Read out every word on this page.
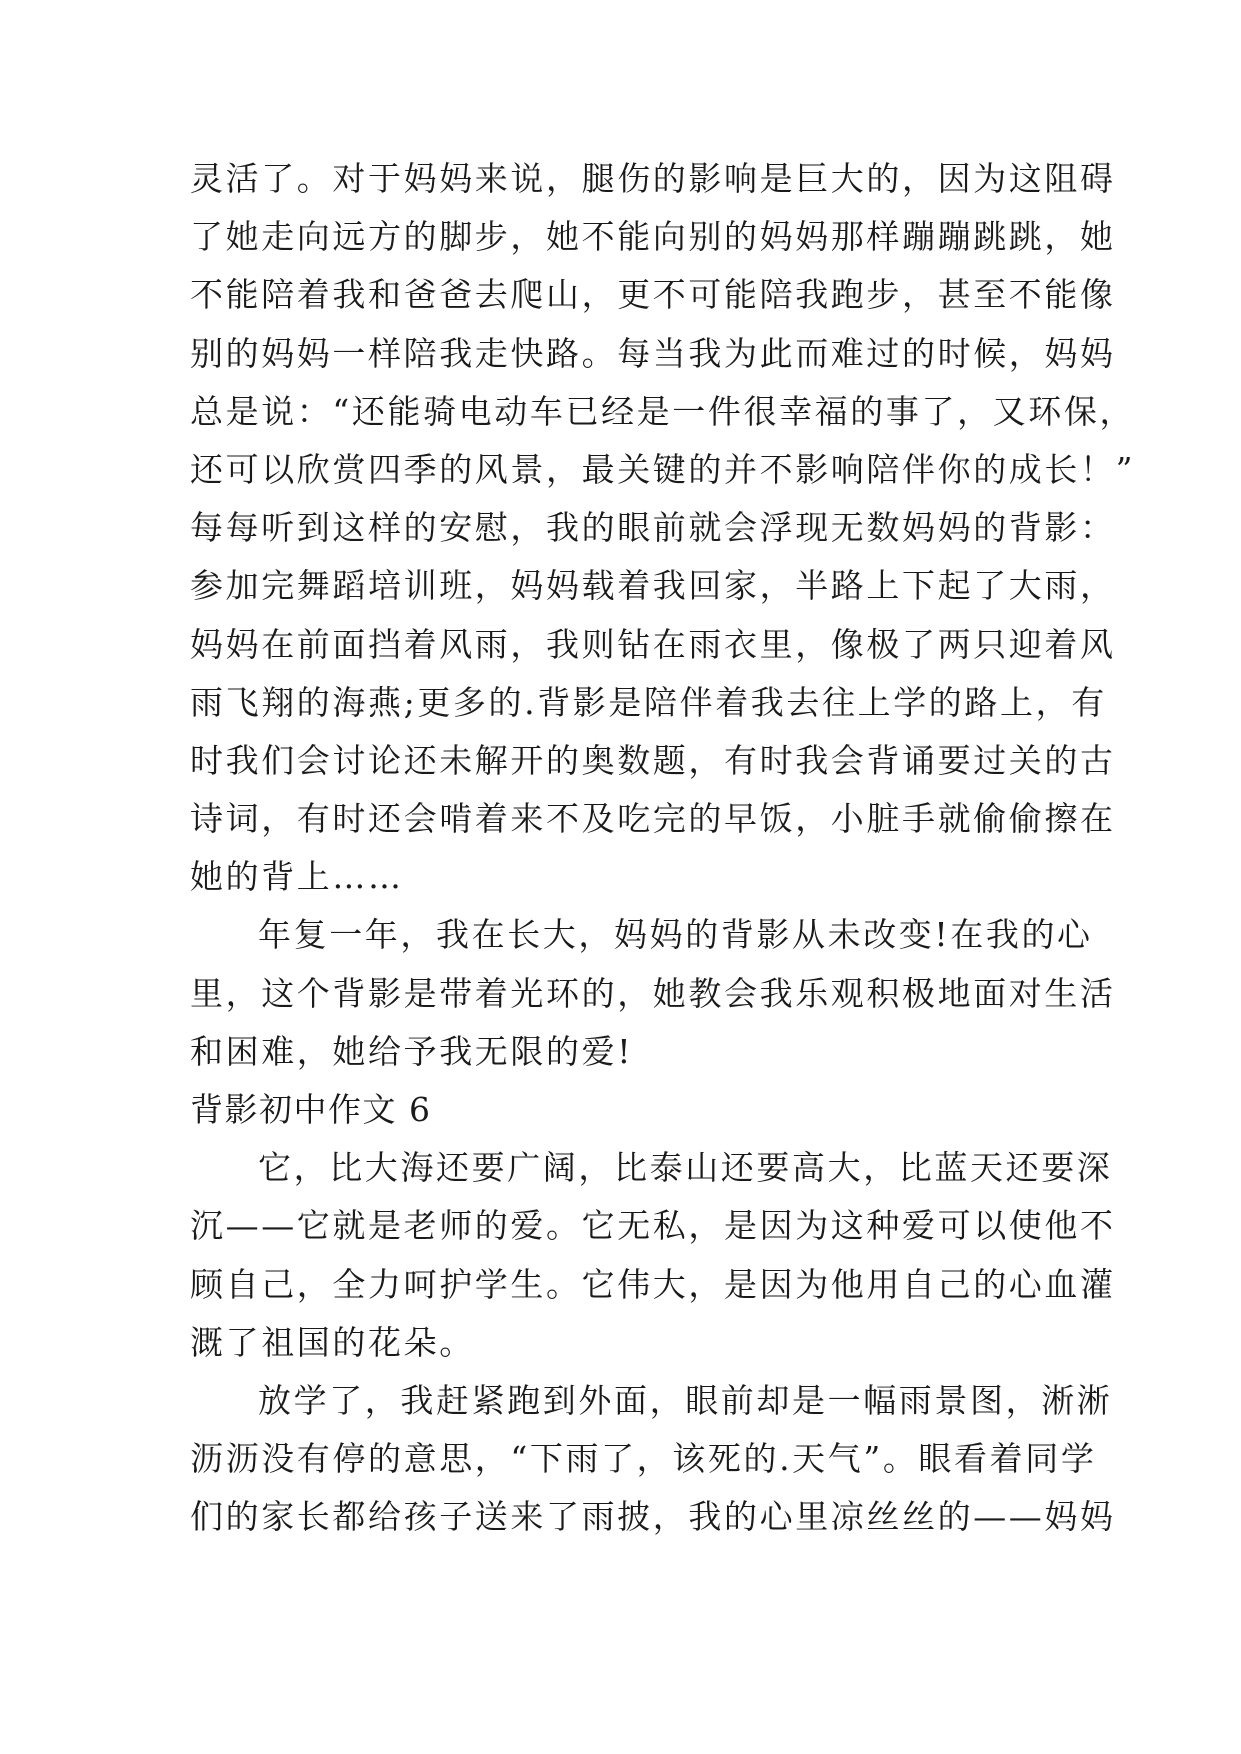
灵活了。对于妈妈来说，腿伤的影响是巨大的，因为这阻碍
了她走向远方的脚步，她不能向别的妈妈那样蹦蹦跳跳，她
不能陪着我和爸爸去爬山，更不可能陪我跑步，甚至不能像
别的妈妈一样陪我走快路。每当我为此而难过的时候，妈妈
总是说：“还能骑电动车已经是一件很幸福的事了，又环保，
还可以欣赏四季的风景，最关键的并不影响陪伴你的成长！”
每每听到这样的安慰，我的眼前就会浮现无数妈妈的背影：
参加完舞蹈培训班，妈妈载着我回家，半路上下起了大雨，
妈妈在前面挡着风雨，我则钻在雨衣里，像极了两只迎着风
雨飞翔的海燕;更多的.背影是陪伴着我去往上学的路上，有
时我们会讨论还未解开的奥数题，有时我会背诵要过关的古
诗词，有时还会啃着来不及吃完的早饭，小脏手就偷偷擦在
她的背上……
年复一年，我在长大，妈妈的背影从未改变!在我的心
里，这个背影是带着光环的，她教会我乐观积极地面对生活
和困难，她给予我无限的爱!
背影初中作文 6
它，比大海还要广阔，比泰山还要高大，比蓝天还要深
沉——它就是老师的爱。它无私，是因为这种爱可以使他不
顾自己，全力呵护学生。它伟大，是因为他用自己的心血灌
溉了祖国的花朵。
放学了，我赶紧跑到外面，眼前却是一幅雨景图，淅淅
沥沥没有停的意思，“下雨了，该死的.天气”。眼看着同学
们的家长都给孩子送来了雨披，我的心里凉丝丝的——妈妈
